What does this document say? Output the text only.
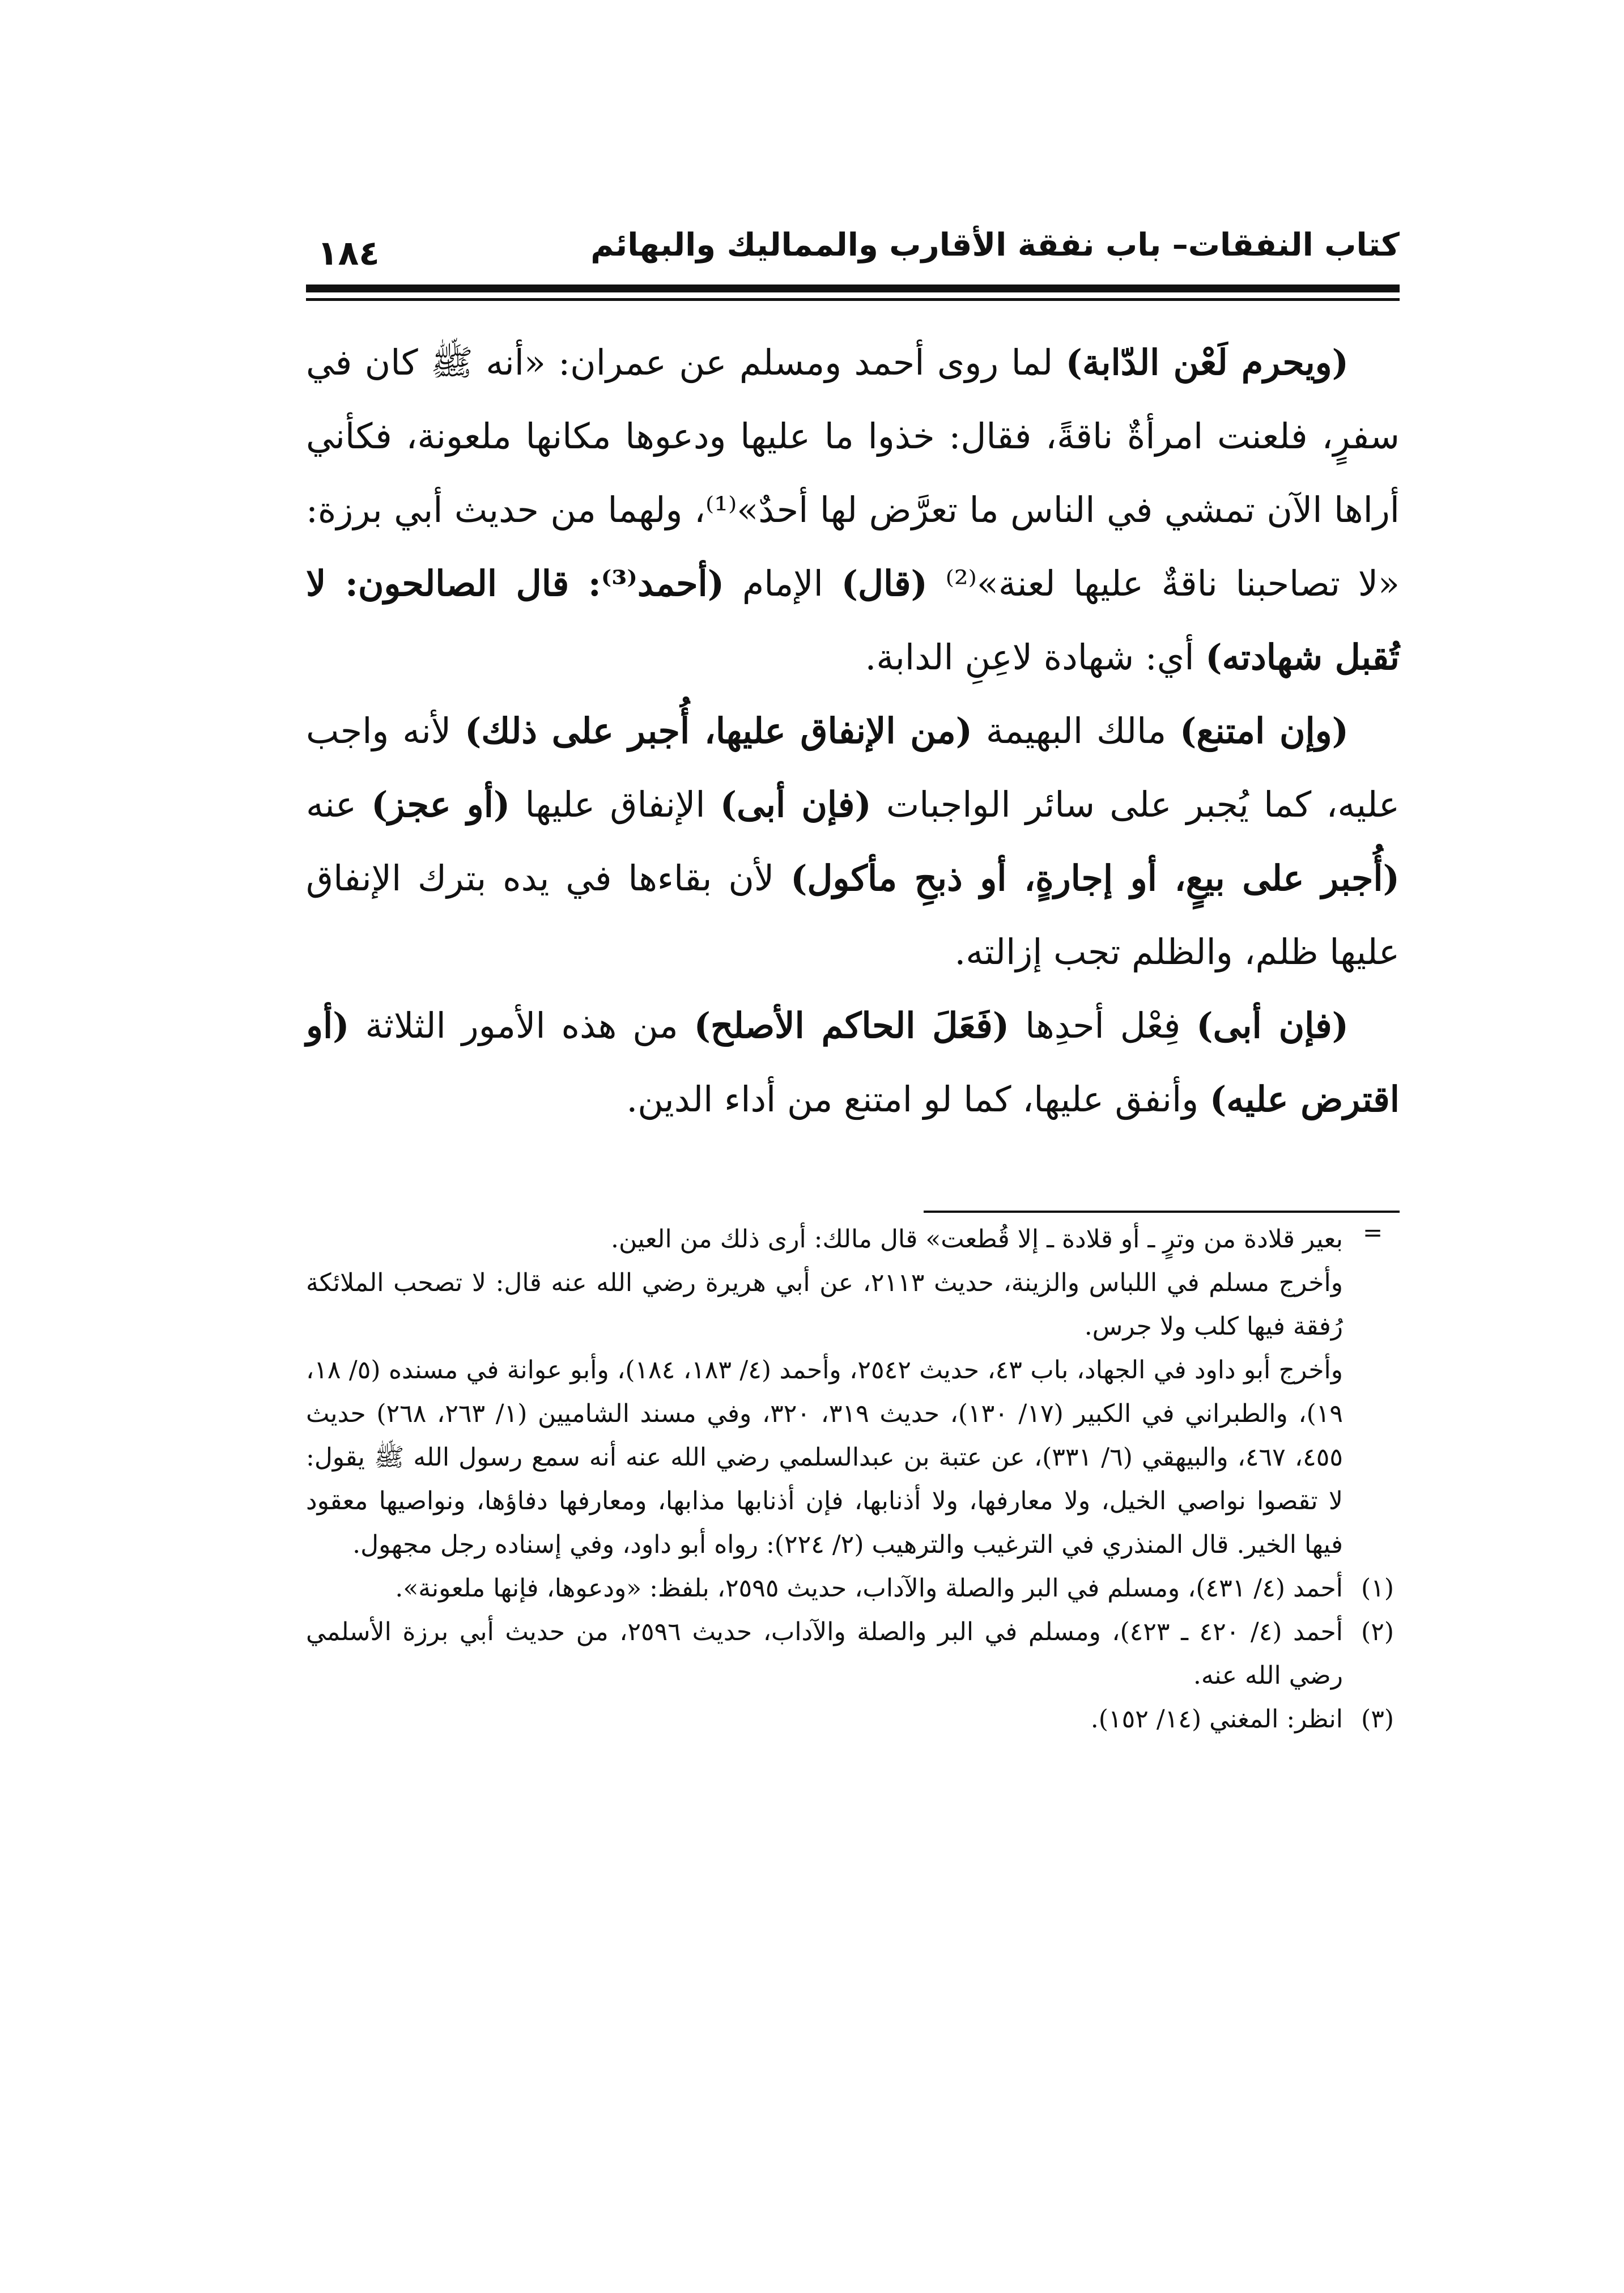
كتاب النفقات– باب نفقة الأقارب والمماليك والبهائم
١٨٤

(ويحرم لَعْن الدّابة) لما روى أحمد ومسلم عن عمران: «أنه ﷺ كان في سفرٍ، فلعنت امرأةٌ ناقةً، فقال: خذوا ما عليها ودعوها مكانها ملعونة، فكأني أراها الآن تمشي في الناس ما تعرَّض لها أحدٌ»⁽¹⁾، ولهما من حديث أبي برزة: «لا تصاحبنا ناقةٌ عليها لعنة»⁽²⁾ (قال) الإمام (أحمد⁽³⁾: قال الصالحون: لا تُقبل شهادته) أي: شهادة لاعِنِ الدابة.

(وإن امتنع) مالك البهيمة (من الإنفاق عليها، أُجبر على ذلك) لأنه واجب عليه، كما يُجبر على سائر الواجبات (فإن أبى) الإنفاق عليها (أو عجز) عنه (أُجبر على بيعٍ، أو إجارةٍ، أو ذبحِ مأكول) لأن بقاءها في يده بترك الإنفاق عليها ظلم، والظلم تجب إزالته.

(فإن أبى) فِعْل أحدِها (فَعَلَ الحاكم الأصلح) من هذه الأمور الثلاثة (أو اقترض عليه) وأنفق عليها، كما لو امتنع من أداء الدين.

=

بعير قلادة من وترٍ ـ أو قلادة ـ إلا قُطعت» قال مالك: أرى ذلك من العين.

وأخرج مسلم في اللباس والزينة، حديث ٢١١٣، عن أبي هريرة رضي الله عنه قال: لا تصحب الملائكة رُفقة فيها كلب ولا جرس.

وأخرج أبو داود في الجهاد، باب ٤٣، حديث ٢٥٤٢، وأحمد (٤/ ١٨٣، ١٨٤)، وأبو عوانة في مسنده (٥/ ١٨، ١٩)، والطبراني في الكبير (١٧/ ١٣٠)، حديث ٣١٩، ٣٢٠، وفي مسند الشاميين (١/ ٢٦٣، ٢٦٨) حديث ٤٥٥، ٤٦٧، والبيهقي (٦/ ٣٣١)، عن عتبة بن عبدالسلمي رضي الله عنه أنه سمع رسول الله ﷺ يقول: لا تقصوا نواصي الخيل، ولا معارفها، ولا أذنابها، فإن أذنابها مذابها، ومعارفها دفاؤها، ونواصيها معقود فيها الخير. قال المنذري في الترغيب والترهيب (٢/ ٢٢٤): رواه أبو داود، وفي إسناده رجل مجهول.

(١)
أحمد (٤/ ٤٣١)، ومسلم في البر والصلة والآداب، حديث ٢٥٩٥، بلفظ: «ودعوها، فإنها ملعونة».
(٢)
أحمد (٤/ ٤٢٠ ـ ٤٢٣)، ومسلم في البر والصلة والآداب، حديث ٢٥٩٦، من حديث أبي برزة الأسلمي رضي الله عنه.
(٣)
انظر: المغني (١٤/ ١٥٢).
